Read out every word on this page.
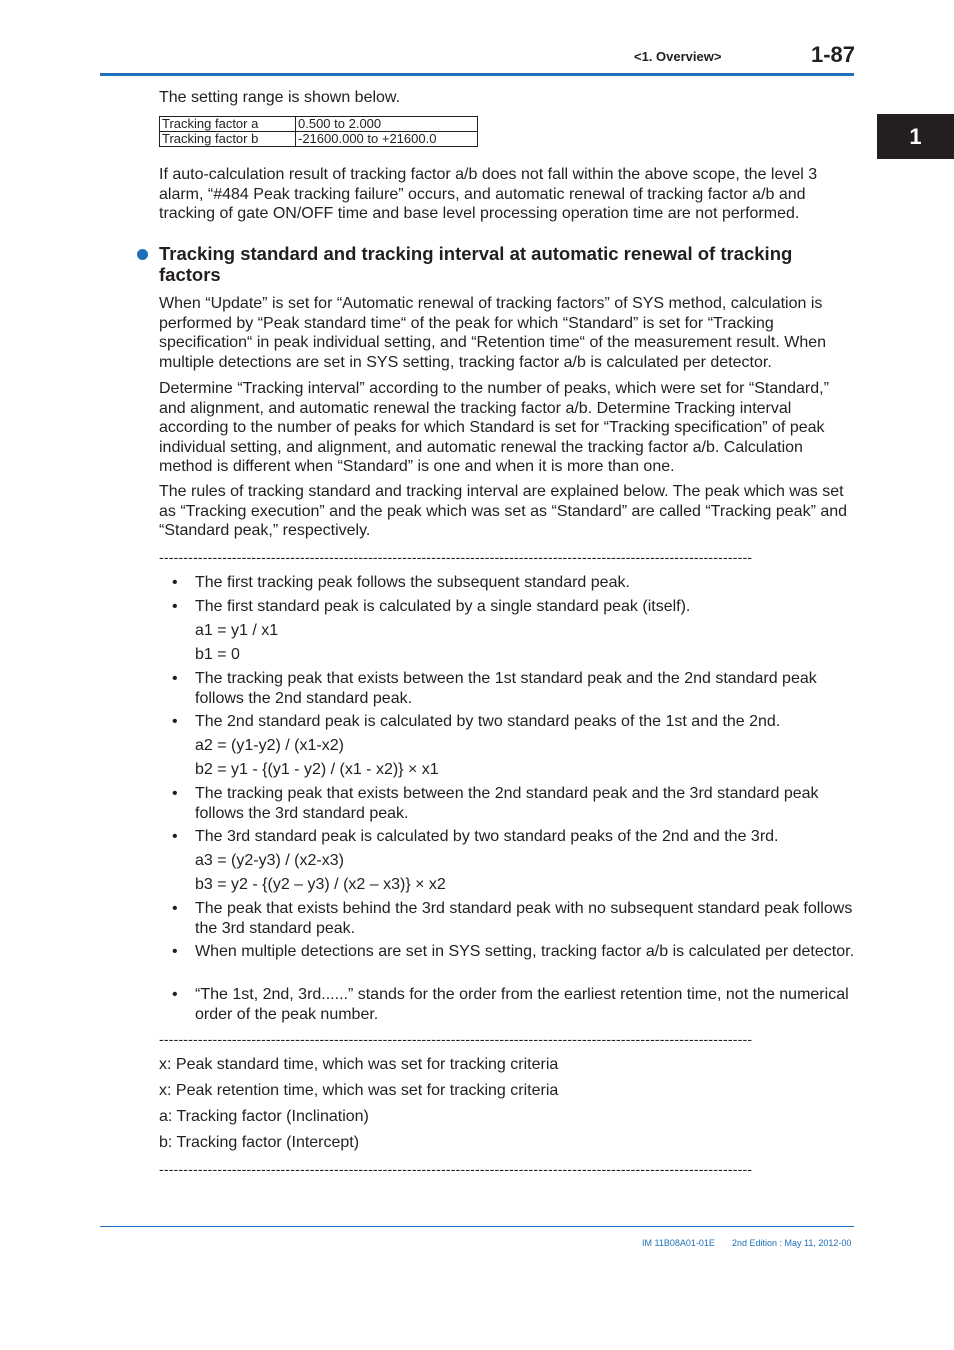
<1. Overview>	1-87
1

The setting range is shown below.

Tracking factor a	0.500 to 2.000
Tracking factor b	-21600.000 to +21600.0

If auto-calculation result of tracking factor a/b does not fall within the above scope, the level 3 alarm, “#484 Peak tracking failure” occurs, and automatic renewal of tracking factor a/b and tracking of gate ON/OFF time and base level processing operation time are not performed.

Tracking standard and tracking interval at automatic renewal of tracking factors

When “Update” is set for “Automatic renewal of tracking factors” of SYS method, calculation is performed by “Peak standard time“ of the peak for which “Standard” is set for “Tracking specification“ in peak individual setting, and “Retention time“ of the measurement result. When multiple detections are set in SYS setting, tracking factor a/b is calculated per detector.

Determine “Tracking interval” according to the number of peaks, which were set for “Standard,” and alignment, and automatic renewal the tracking factor a/b. Determine Tracking interval according to the number of peaks for which Standard is set for “Tracking specification” of peak individual setting, and alignment, and automatic renewal the tracking factor a/b. Calculation method is different when “Standard” is one and when it is more than one.

The rules of tracking standard and tracking interval are explained below. The peak which was set as “Tracking execution” and the peak which was set as “Standard” are called “Tracking peak” and “Standard peak,” respectively.

--------------------------------------------------------------------------------------------------------------------------
• The first tracking peak follows the subsequent standard peak.

• The first standard peak is calculated by a single standard peak (itself).

a1 = y1 / x1

b1 = 0

• The tracking peak that exists between the 1st standard peak and the 2nd standard peak follows the 2nd standard peak.

• The 2nd standard peak is calculated by two standard peaks of the 1st and the 2nd.

a2 = (y1-y2) / (x1-x2)

b2 = y1 - {(y1 - y2) / (x1 - x2)} × x1

• The tracking peak that exists between the 2nd standard peak and the 3rd standard peak follows the 3rd standard peak.

• The 3rd standard peak is calculated by two standard peaks of the 2nd and the 3rd.

a3 = (y2-y3) / (x2-x3)

b3 = y2 - {(y2 – y3) / (x2 – x3)} × x2

• The peak that exists behind the 3rd standard peak with no subsequent standard peak follows the 3rd standard peak.

• When multiple detections are set in SYS setting, tracking factor a/b is calculated per detector.

• “The 1st, 2nd, 3rd......” stands for the order from the earliest retention time, not the numerical order of the peak number.

--------------------------------------------------------------------------------------------------------------------------

x: Peak standard time, which was set for tracking criteria

x: Peak retention time, which was set for tracking criteria

a: Tracking factor (Inclination)

b: Tracking factor (Intercept)

--------------------------------------------------------------------------------------------------------------------------
IM 11B08A01-01E 2nd Edition : May 11, 2012-00
